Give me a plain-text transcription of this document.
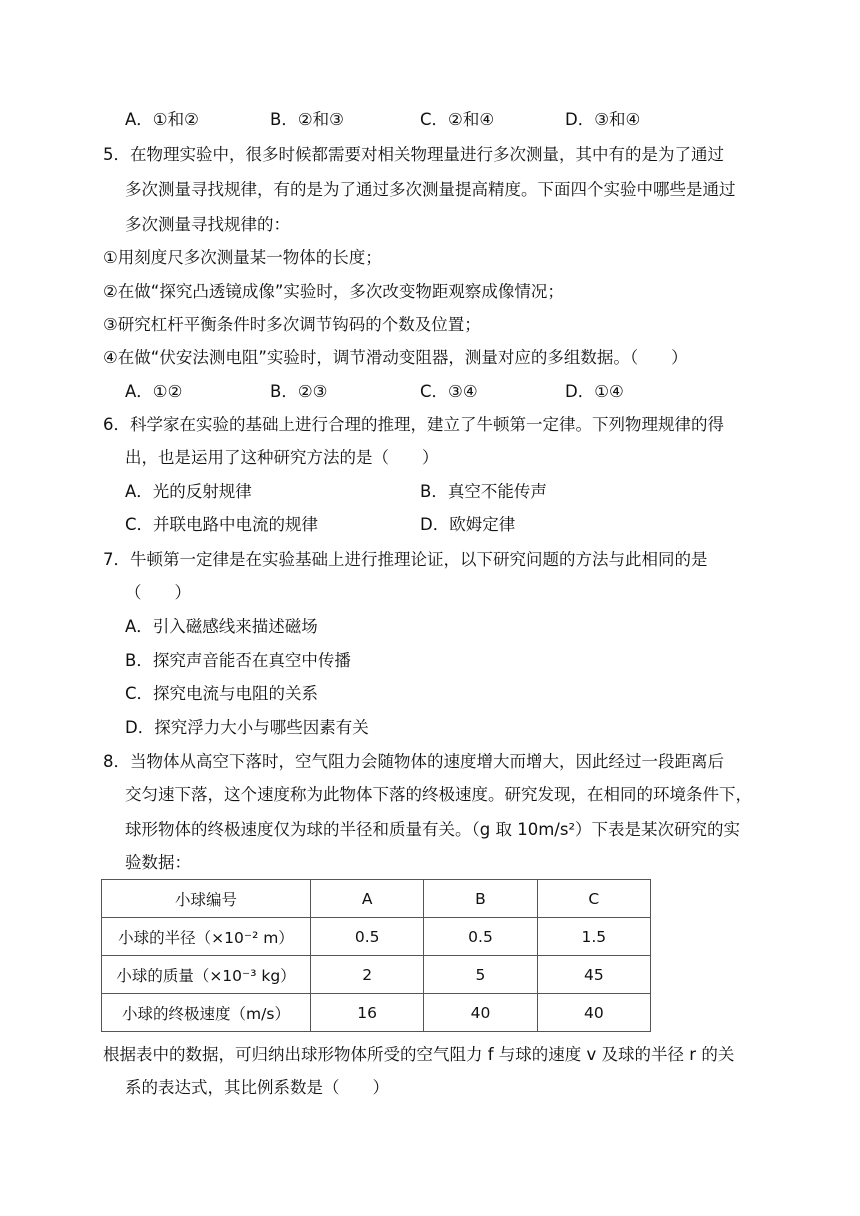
A．①和②	B．②和③	C．②和④	D．③和④
5．在物理实验中，很多时候都需要对相关物理量进行多次测量，其中有的是为了通过
多次测量寻找规律，有的是为了通过多次测量提高精度。下面四个实验中哪些是通过
多次测量寻找规律的：
①用刻度尺多次测量某一物体的长度；
②在做“探究凸透镜成像”实验时，多次改变物距观察成像情况；
③研究杠杆平衡条件时多次调节钩码的个数及位置；
④在做“伏安法测电阻”实验时，调节滑动变阻器，测量对应的多组数据。（　　）
A．①②	B．②③	C．③④	D．①④
6．科学家在实验的基础上进行合理的推理，建立了牛顿第一定律。下列物理规律的得
出，也是运用了这种研究方法的是（　　）
A．光的反射规律	B．真空不能传声
C．并联电路中电流的规律	D．欧姆定律
7．牛顿第一定律是在实验基础上进行推理论证，以下研究问题的方法与此相同的是
（　　）
A．引入磁感线来描述磁场
B．探究声音能否在真空中传播
C．探究电流与电阻的关系
D．探究浮力大小与哪些因素有关
8．当物体从高空下落时，空气阻力会随物体的速度增大而增大，因此经过一段距离后
交匀速下落，这个速度称为此物体下落的终极速度。研究发现，在相同的环境条件下，
球形物体的终极速度仅为球的半径和质量有关。（g 取 10m/s²）下表是某次研究的实
验数据：
小球编号	A	B	C
小球的半径（×10⁻² m）	0.5	0.5	1.5
小球的质量（×10⁻³ kg）	2	5	45
小球的终极速度（m/s）	16	40	40
根据表中的数据，可归纳出球形物体所受的空气阻力 f 与球的速度 v 及球的半径 r 的关
系的表达式，其比例系数是（　　）
